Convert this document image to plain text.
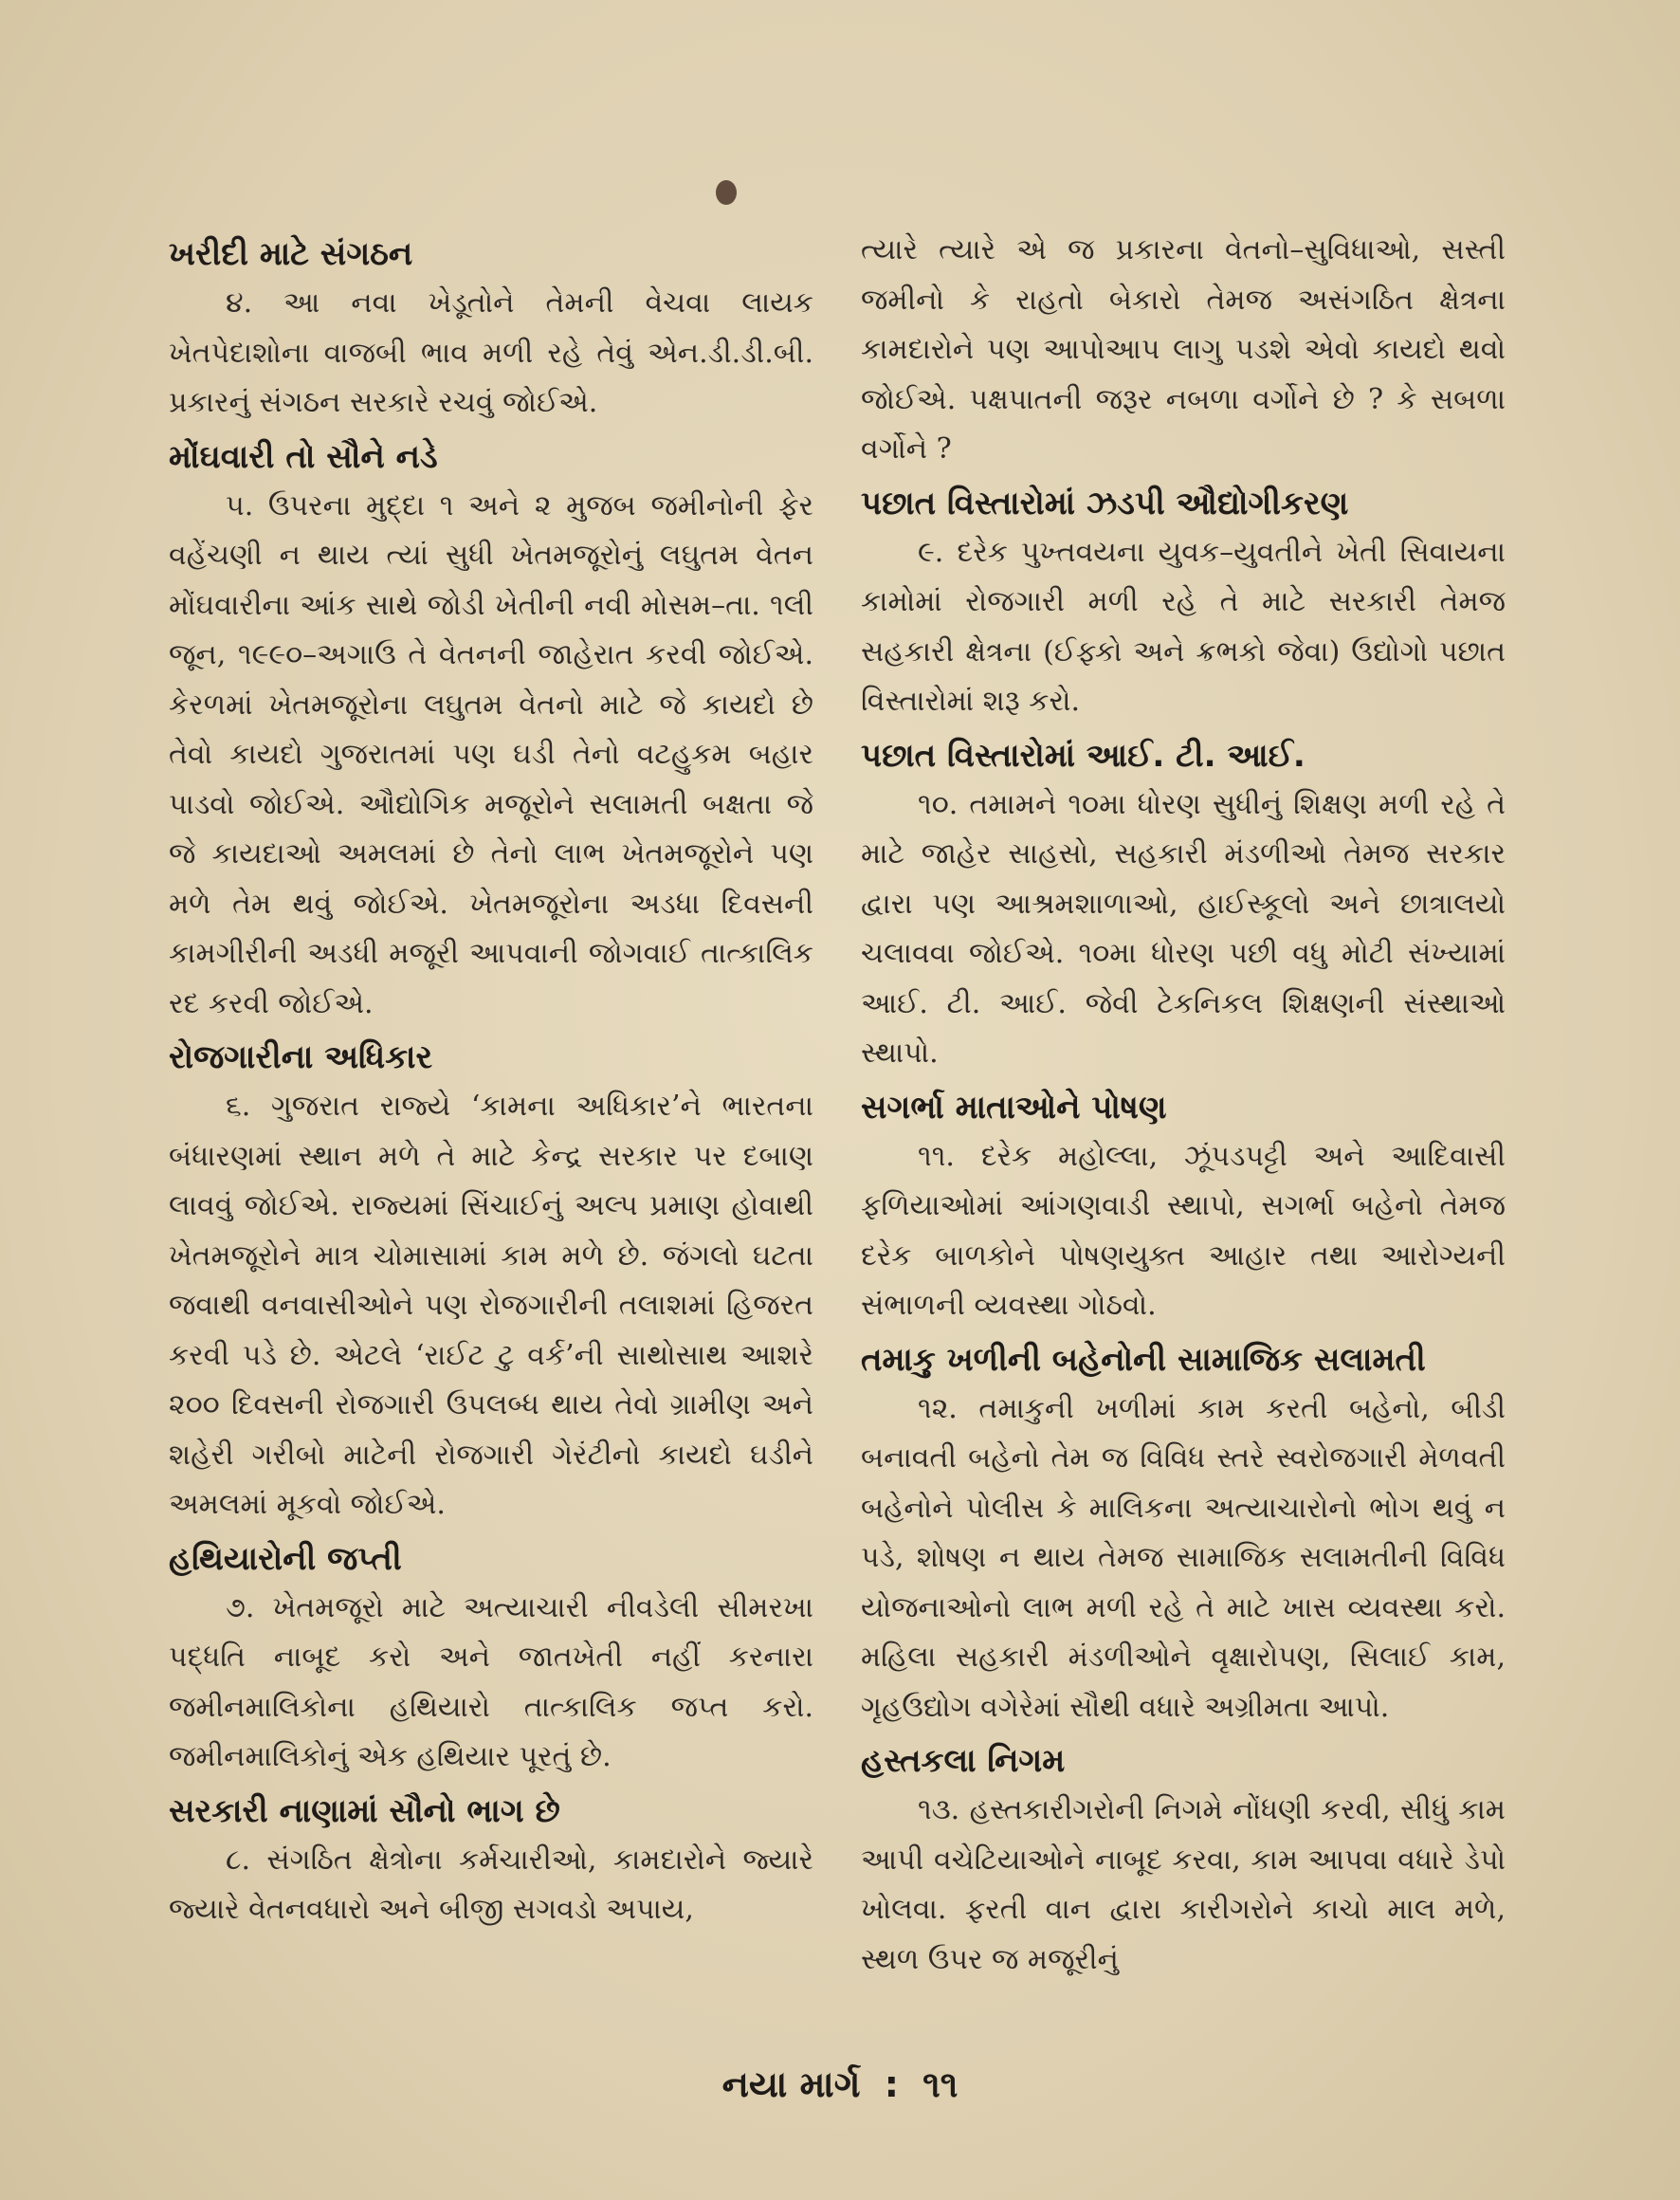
ખરીદી માટે સંગઠન

૪. આ નવા ખેડૂતોને તેમની વેચવા લાયક ખેતપેદાશોના વાજબી ભાવ મળી રહે તેવું એન.ડી.ડી.બી. પ્રકારનું સંગઠન સરકારે રચવું જોઈએ.

મોંઘવારી તો સૌને નડે

૫. ઉપરના મુદ્દા ૧ અને ૨ મુજબ જમીનોની ફેર વહેંચણી ન થાય ત્યાં સુધી ખેતમજૂરોનું લઘુતમ વેતન મોંઘવારીના આંક સાથે જોડી ખેતીની નવી મોસમ–તા. ૧લી જૂન, ૧૯૯૦–અગાઉ તે વેતનની જાહેરાત કરવી જોઈએ. કેરળમાં ખેતમજૂરોના લઘુતમ વેતનો માટે જે કાયદો છે તેવો કાયદો ગુજરાતમાં પણ ઘડી તેનો વટહુકમ બહાર પાડવો જોઈએ. ઔદ્યોગિક મજૂરોને સલામતી બક્ષતા જે જે કાયદાઓ અમલમાં છે તેનો લાભ ખેતમજૂરોને પણ મળે તેમ થવું જોઈએ. ખેતમજૂરોના અડધા દિવસની કામગીરીની અડધી મજૂરી આપવાની જોગવાઈ તાત્કાલિક રદ કરવી જોઈએ.

રોજગારીના અધિકાર

૬. ગુજરાત રાજ્યે ‘કામના અધિકાર’ને ભારતના બંધારણમાં સ્થાન મળે તે માટે કેન્દ્ર સરકાર પર દબાણ લાવવું જોઈએ. રાજ્યમાં સિંચાઈનું અલ્પ પ્રમાણ હોવાથી ખેતમજૂરોને માત્ર ચોમાસામાં કામ મળે છે. જંગલો ઘટતા જવાથી વનવાસીઓને પણ રોજગારીની તલાશમાં હિજરત કરવી પડે છે. એટલે ‘રાઈટ ટુ વર્ક’ની સાથોસાથ આશરે ૨૦૦ દિવસની રોજગારી ઉપલબ્ધ થાય તેવો ગ્રામીણ અને શહેરી ગરીબો માટેની રોજગારી ગેરંટીનો કાયદો ઘડીને અમલમાં મૂકવો જોઈએ.

હથિયારોની જપ્તી

૭. ખેતમજૂરો માટે અત્યાચારી નીવડેલી સીમરખા પદ્ધતિ નાબૂદ કરો અને જાતખેતી નહીં કરનારા જમીનમાલિકોના હથિયારો તાત્કાલિક જપ્ત કરો. જમીનમાલિકોનું એક હથિયાર પૂરતું છે.

સરકારી નાણામાં સૌનો ભાગ છે

૮. સંગઠિત ક્ષેત્રોના કર્મચારીઓ, કામદારોને જ્યારે જ્યારે વેતનવધારો અને બીજી સગવડો અપાય,

ત્યારે ત્યારે એ જ પ્રકારના વેતનો–સુવિધાઓ, સસ્તી જમીનો કે રાહતો બેકારો તેમજ અસંગઠિત ક્ષેત્રના કામદારોને પણ આપોઆપ લાગુ પડશે એવો કાયદો થવો જોઈએ. પક્ષપાતની જરૂર નબળા વર્ગોને છે ? કે સબળા વર્ગોને ?

પછાત વિસ્તારોમાં ઝડપી ઔદ્યોગીકરણ

૯. દરેક પુખ્તવયના યુવક–યુવતીને ખેતી સિવાયના કામોમાં રોજગારી મળી રહે તે માટે સરકારી તેમજ સહકારી ક્ષેત્રના (ઈફ્કો અને ક્રભકો જેવા) ઉદ્યોગો પછાત વિસ્તારોમાં શરૂ કરો.

પછાત વિસ્તારોમાં આઈ. ટી. આઈ.

૧૦. તમામને ૧૦મા ધોરણ સુધીનું શિક્ષણ મળી રહે તે માટે જાહેર સાહસો, સહકારી મંડળીઓ તેમજ સરકાર દ્વારા પણ આશ્રમશાળાઓ, હાઈસ્કૂલો અને છાત્રાલયો ચલાવવા જોઈએ. ૧૦મા ધોરણ પછી વધુ મોટી સંખ્યામાં આઈ. ટી. આઈ. જેવી ટેકનિકલ શિક્ષણની સંસ્થાઓ સ્થાપો.

સગર્ભા માતાઓને પોષણ

૧૧. દરેક મહોલ્લા, ઝૂંપડપટ્ટી અને આદિવાસી ફળિયાઓમાં આંગણવાડી સ્થાપો, સગર્ભા બહેનો તેમજ દરેક બાળકોને પોષણયુક્ત આહાર તથા આરોગ્યની સંભાળની વ્યવસ્થા ગોઠવો.

તમાકુ ખળીની બહેનોની સામાજિક સલામતી

૧૨. તમાકુની ખળીમાં કામ કરતી બહેનો, બીડી બનાવતી બહેનો તેમ જ વિવિધ સ્તરે સ્વરોજગારી મેળવતી બહેનોને પોલીસ કે માલિકના અત્યાચારોનો ભોગ થવું ન પડે, શોષણ ન થાય તેમજ સામાજિક સલામતીની વિવિધ યોજનાઓનો લાભ મળી રહે તે માટે ખાસ વ્યવસ્થા કરો. મહિલા સહકારી મંડળીઓને વૃક્ષારોપણ, સિલાઈ કામ, ગૃહઉદ્યોગ વગેરેમાં સૌથી વધારે અગ્રીમતા આપો.

હસ્તકલા નિગમ

૧૩. હસ્તકારીગરોની નિગમે નોંધણી કરવી, સીધું કામ આપી વચેટિયાઓને નાબૂદ કરવા, કામ આપવા વધારે ડેપો ખોલવા. ફરતી વાન દ્વારા કારીગરોને કાચો માલ મળે, સ્થળ ઉપર જ મજૂરીનું

નયા માર્ગ : ૧૧
